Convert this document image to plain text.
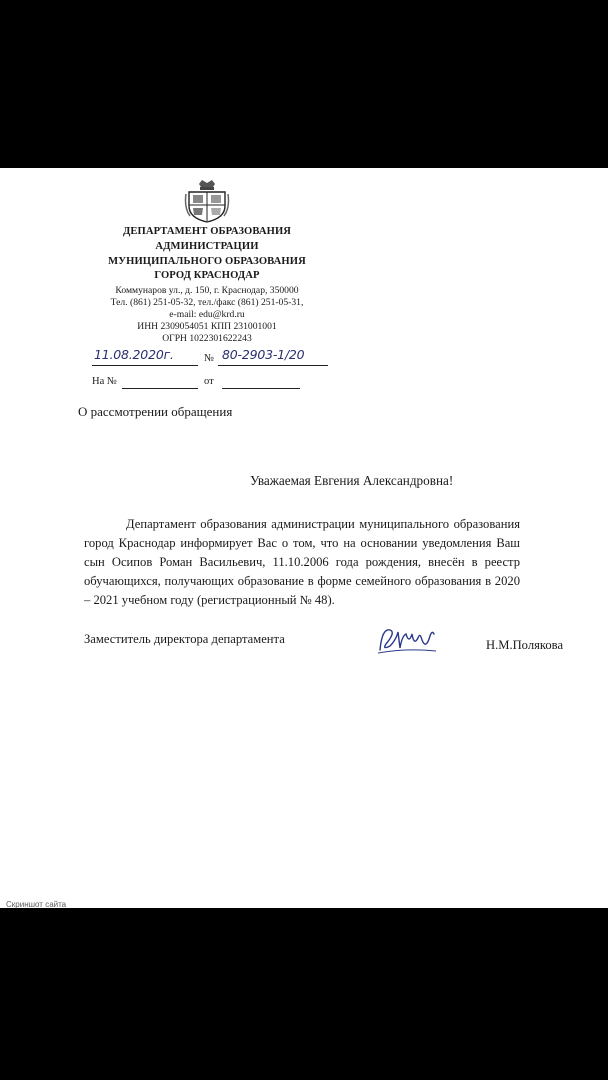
ДЕПАРТАМЕНТ ОБРАЗОВАНИЯ
АДМИНИСТРАЦИИ
МУНИЦИПАЛЬНОГО ОБРАЗОВАНИЯ
ГОРОД КРАСНОДАР
Коммунаров ул., д. 150, г. Краснодар, 350000
Тел. (861) 251-05-32, тел./факс (861) 251-05-31,
e-mail: edu@krd.ru
ИНН 2309054051 КПП 231001001
ОГРН 1022301622243
11.08.2020г.	№ 80-2903-1/20
На №	от
О рассмотрении обращения
Уважаемая Евгения Александровна!

Департамент образования администрации муниципального образования город Краснодар информирует Вас о том, что на основании уведомления Ваш сын Осипов Роман Васильевич, 11.10.2006 года рождения, внесён в реестр обучающихся, получающих образование в форме семейного образования в 2020 – 2021 учебном году (регистрационный № 48).

Заместитель директора департамента	Н.М.Полякова
Скриншот сайта
